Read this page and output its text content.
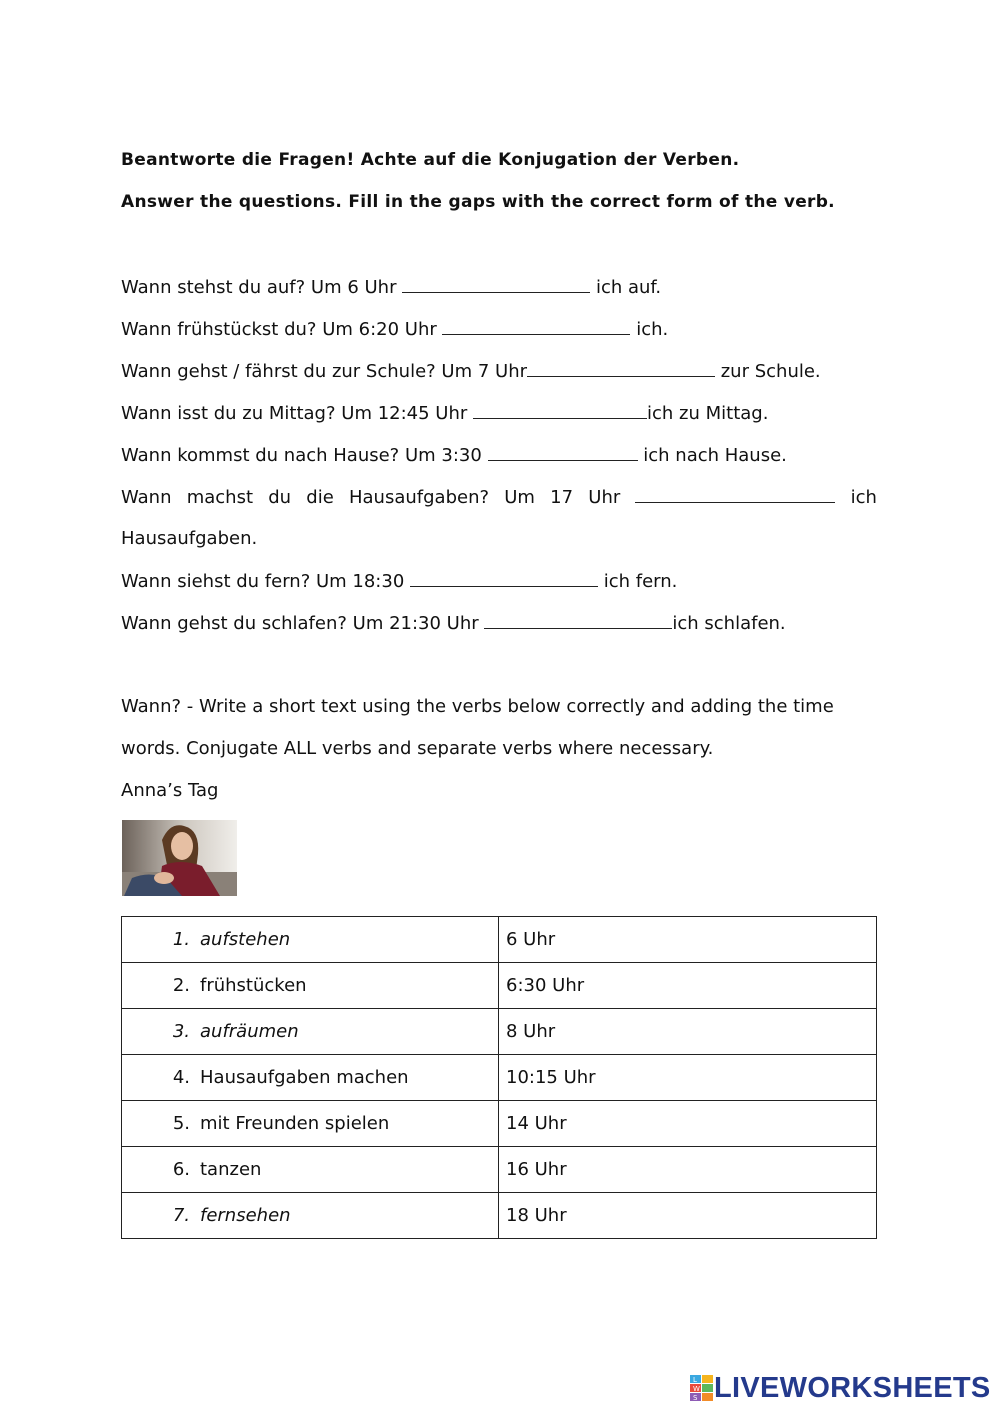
Beantworte die Fragen! Achte auf die Konjugation der Verben.
Answer the questions. Fill in the gaps with the correct form of the verb.
Wann stehst du auf? Um 6 Uhr	ich auf.
Wann frühstückst du? Um 6:20 Uhr	ich.
Wann gehst / fährst du zur Schule? Um 7 Uhr	zur Schule.
Wann isst du zu Mittag? Um 12:45 Uhr	ich zu Mittag.
Wann kommst du nach Hause? Um 3:30	ich nach Hause.
Wann machst du die Hausaufgaben? Um 17 Uhr	ich
Hausaufgaben.
Wann siehst du fern? Um 18:30	ich fern.
Wann gehst du schlafen? Um 21:30 Uhr	ich schlafen.
Wann? - Write a short text using the verbs below correctly and adding the time
words. Conjugate ALL verbs and separate verbs where necessary.
Anna’s Tag
1. aufstehen	6 Uhr
2. frühstücken	6:30 Uhr
3. aufräumen	8 Uhr
4. Hausaufgaben machen	10:15 Uhr
5. mit Freunden spielen	14 Uhr
6. tanzen	16 Uhr
7. fernsehen	18 Uhr
L
W
S LIVEWORKSHEETS
